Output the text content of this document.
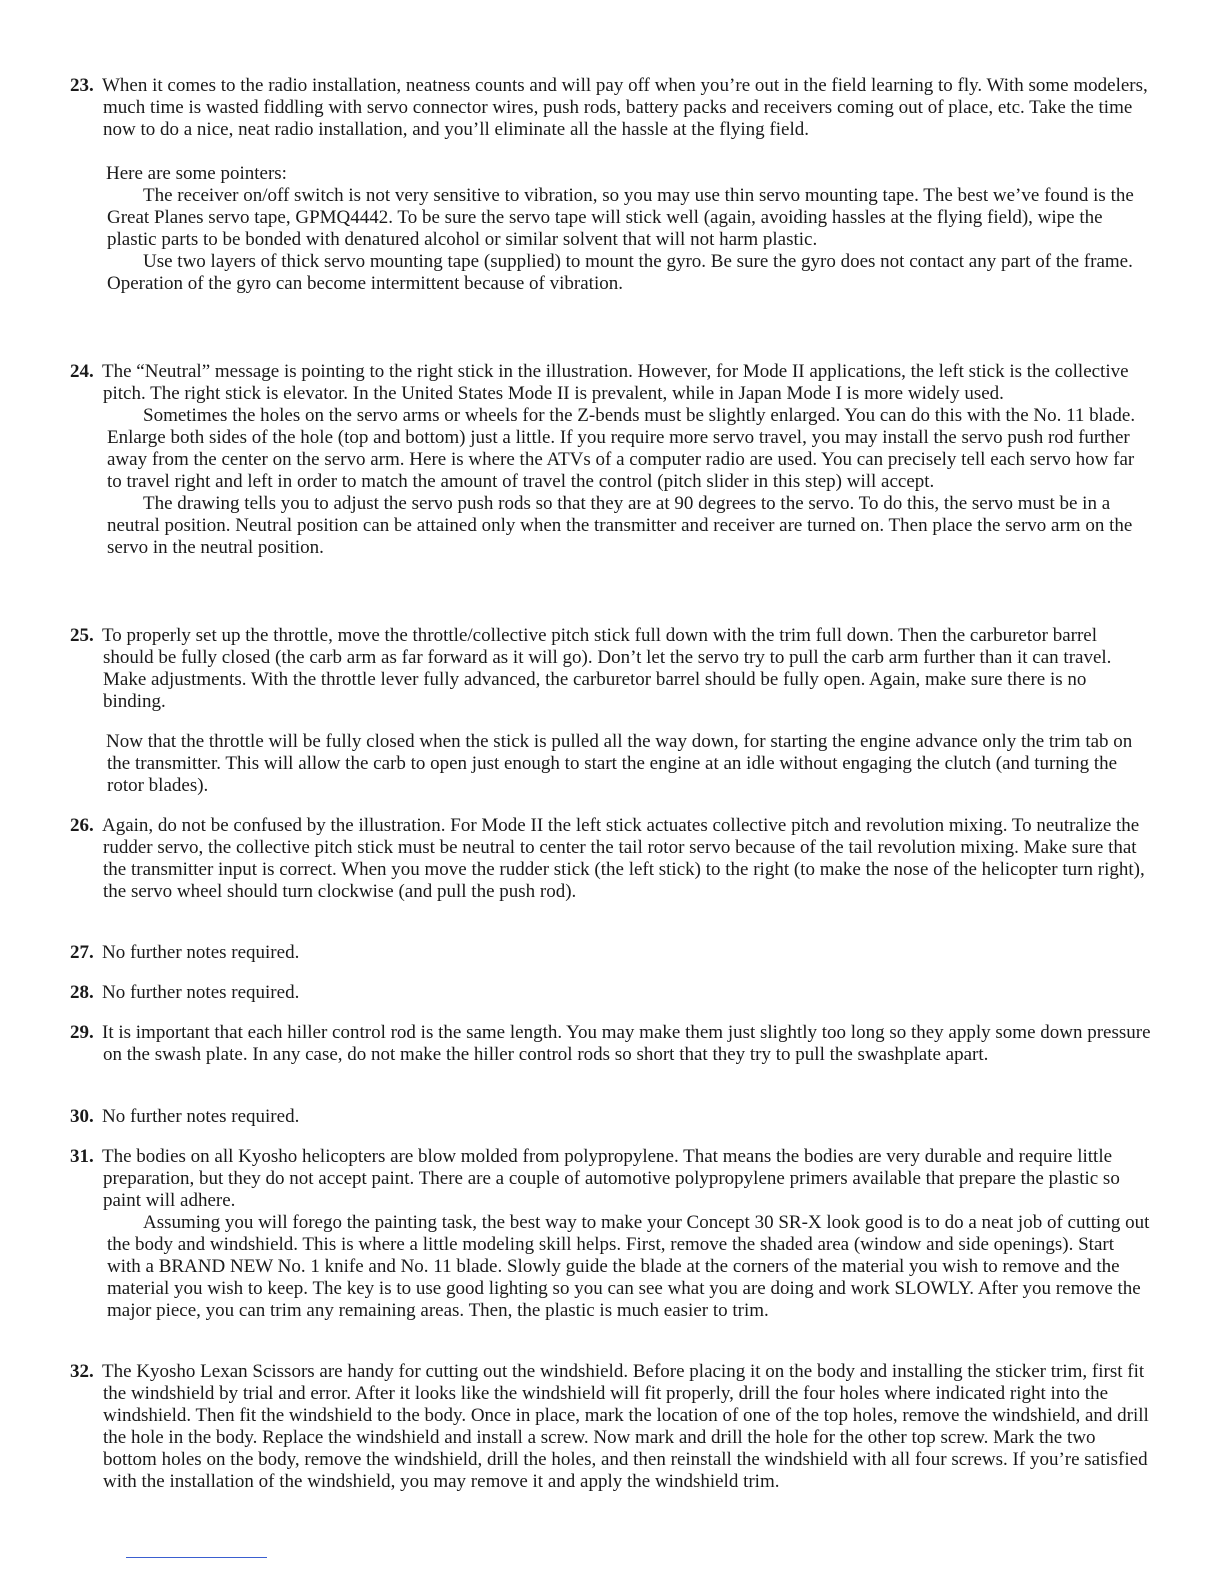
23. When it comes to the radio installation, neatness counts and will pay off when you’re out in the field learning to fly. With some modelers, much time is wasted fiddling with servo connector wires, push rods, battery packs and receivers coming out of place, etc. Take the time now to do a nice, neat radio installation, and you’ll eliminate all the hassle at the flying field.

Here are some pointers:

The receiver on/off switch is not very sensitive to vibration, so you may use thin servo mounting tape. The best we’ve found is the Great Planes servo tape, GPMQ4442. To be sure the servo tape will stick well (again, avoiding hassles at the flying field), wipe the plastic parts to be bonded with denatured alcohol or similar solvent that will not harm plastic.

Use two layers of thick servo mounting tape (supplied) to mount the gyro. Be sure the gyro does not contact any part of the frame. Operation of the gyro can become intermittent because of vibration.

24. The “Neutral” message is pointing to the right stick in the illustration. However, for Mode II applications, the left stick is the collective pitch. The right stick is elevator. In the United States Mode II is prevalent, while in Japan Mode I is more widely used.

Sometimes the holes on the servo arms or wheels for the Z-bends must be slightly enlarged. You can do this with the No. 11 blade. Enlarge both sides of the hole (top and bottom) just a little. If you require more servo travel, you may install the servo push rod further away from the center on the servo arm. Here is where the ATVs of a computer radio are used. You can precisely tell each servo how far to travel right and left in order to match the amount of travel the control (pitch slider in this step) will accept.

The drawing tells you to adjust the servo push rods so that they are at 90 degrees to the servo. To do this, the servo must be in a neutral position. Neutral position can be attained only when the transmitter and receiver are turned on. Then place the servo arm on the servo in the neutral position.

25. To properly set up the throttle, move the throttle/collective pitch stick full down with the trim full down. Then the carburetor barrel should be fully closed (the carb arm as far forward as it will go). Don’t let the servo try to pull the carb arm further than it can travel. Make adjustments. With the throttle lever fully advanced, the carburetor barrel should be fully open. Again, make sure there is no binding.

Now that the throttle will be fully closed when the stick is pulled all the way down, for starting the engine advance only the trim tab on the transmitter. This will allow the carb to open just enough to start the engine at an idle without engaging the clutch (and turning the rotor blades).

26. Again, do not be confused by the illustration. For Mode II the left stick actuates collective pitch and revolution mixing. To neutralize the rudder servo, the collective pitch stick must be neutral to center the tail rotor servo because of the tail revolution mixing. Make sure that the transmitter input is correct. When you move the rudder stick (the left stick) to the right (to make the nose of the helicopter turn right), the servo wheel should turn clockwise (and pull the push rod).

27. No further notes required.

28. No further notes required.

29. It is important that each hiller control rod is the same length. You may make them just slightly too long so they apply some down pressure on the swash plate. In any case, do not make the hiller control rods so short that they try to pull the swashplate apart.

30. No further notes required.

31. The bodies on all Kyosho helicopters are blow molded from polypropylene. That means the bodies are very durable and require little preparation, but they do not accept paint. There are a couple of automotive polypropylene primers available that prepare the plastic so paint will adhere.

Assuming you will forego the painting task, the best way to make your Concept 30 SR-X look good is to do a neat job of cutting out the body and windshield. This is where a little modeling skill helps. First, remove the shaded area (window and side openings). Start with a BRAND NEW No. 1 knife and No. 11 blade. Slowly guide the blade at the corners of the material you wish to remove and the material you wish to keep. The key is to use good lighting so you can see what you are doing and work SLOWLY. After you remove the major piece, you can trim any remaining areas. Then, the plastic is much easier to trim.

32. The Kyosho Lexan Scissors are handy for cutting out the windshield. Before placing it on the body and installing the sticker trim, first fit the windshield by trial and error. After it looks like the windshield will fit properly, drill the four holes where indicated right into the windshield. Then fit the windshield to the body. Once in place, mark the location of one of the top holes, remove the windshield, and drill the hole in the body. Replace the windshield and install a screw. Now mark and drill the hole for the other top screw. Mark the two bottom holes on the body, remove the windshield, drill the holes, and then reinstall the windshield with all four screws. If you’re satisfied with the installation of the windshield, you may remove it and apply the windshield trim.
